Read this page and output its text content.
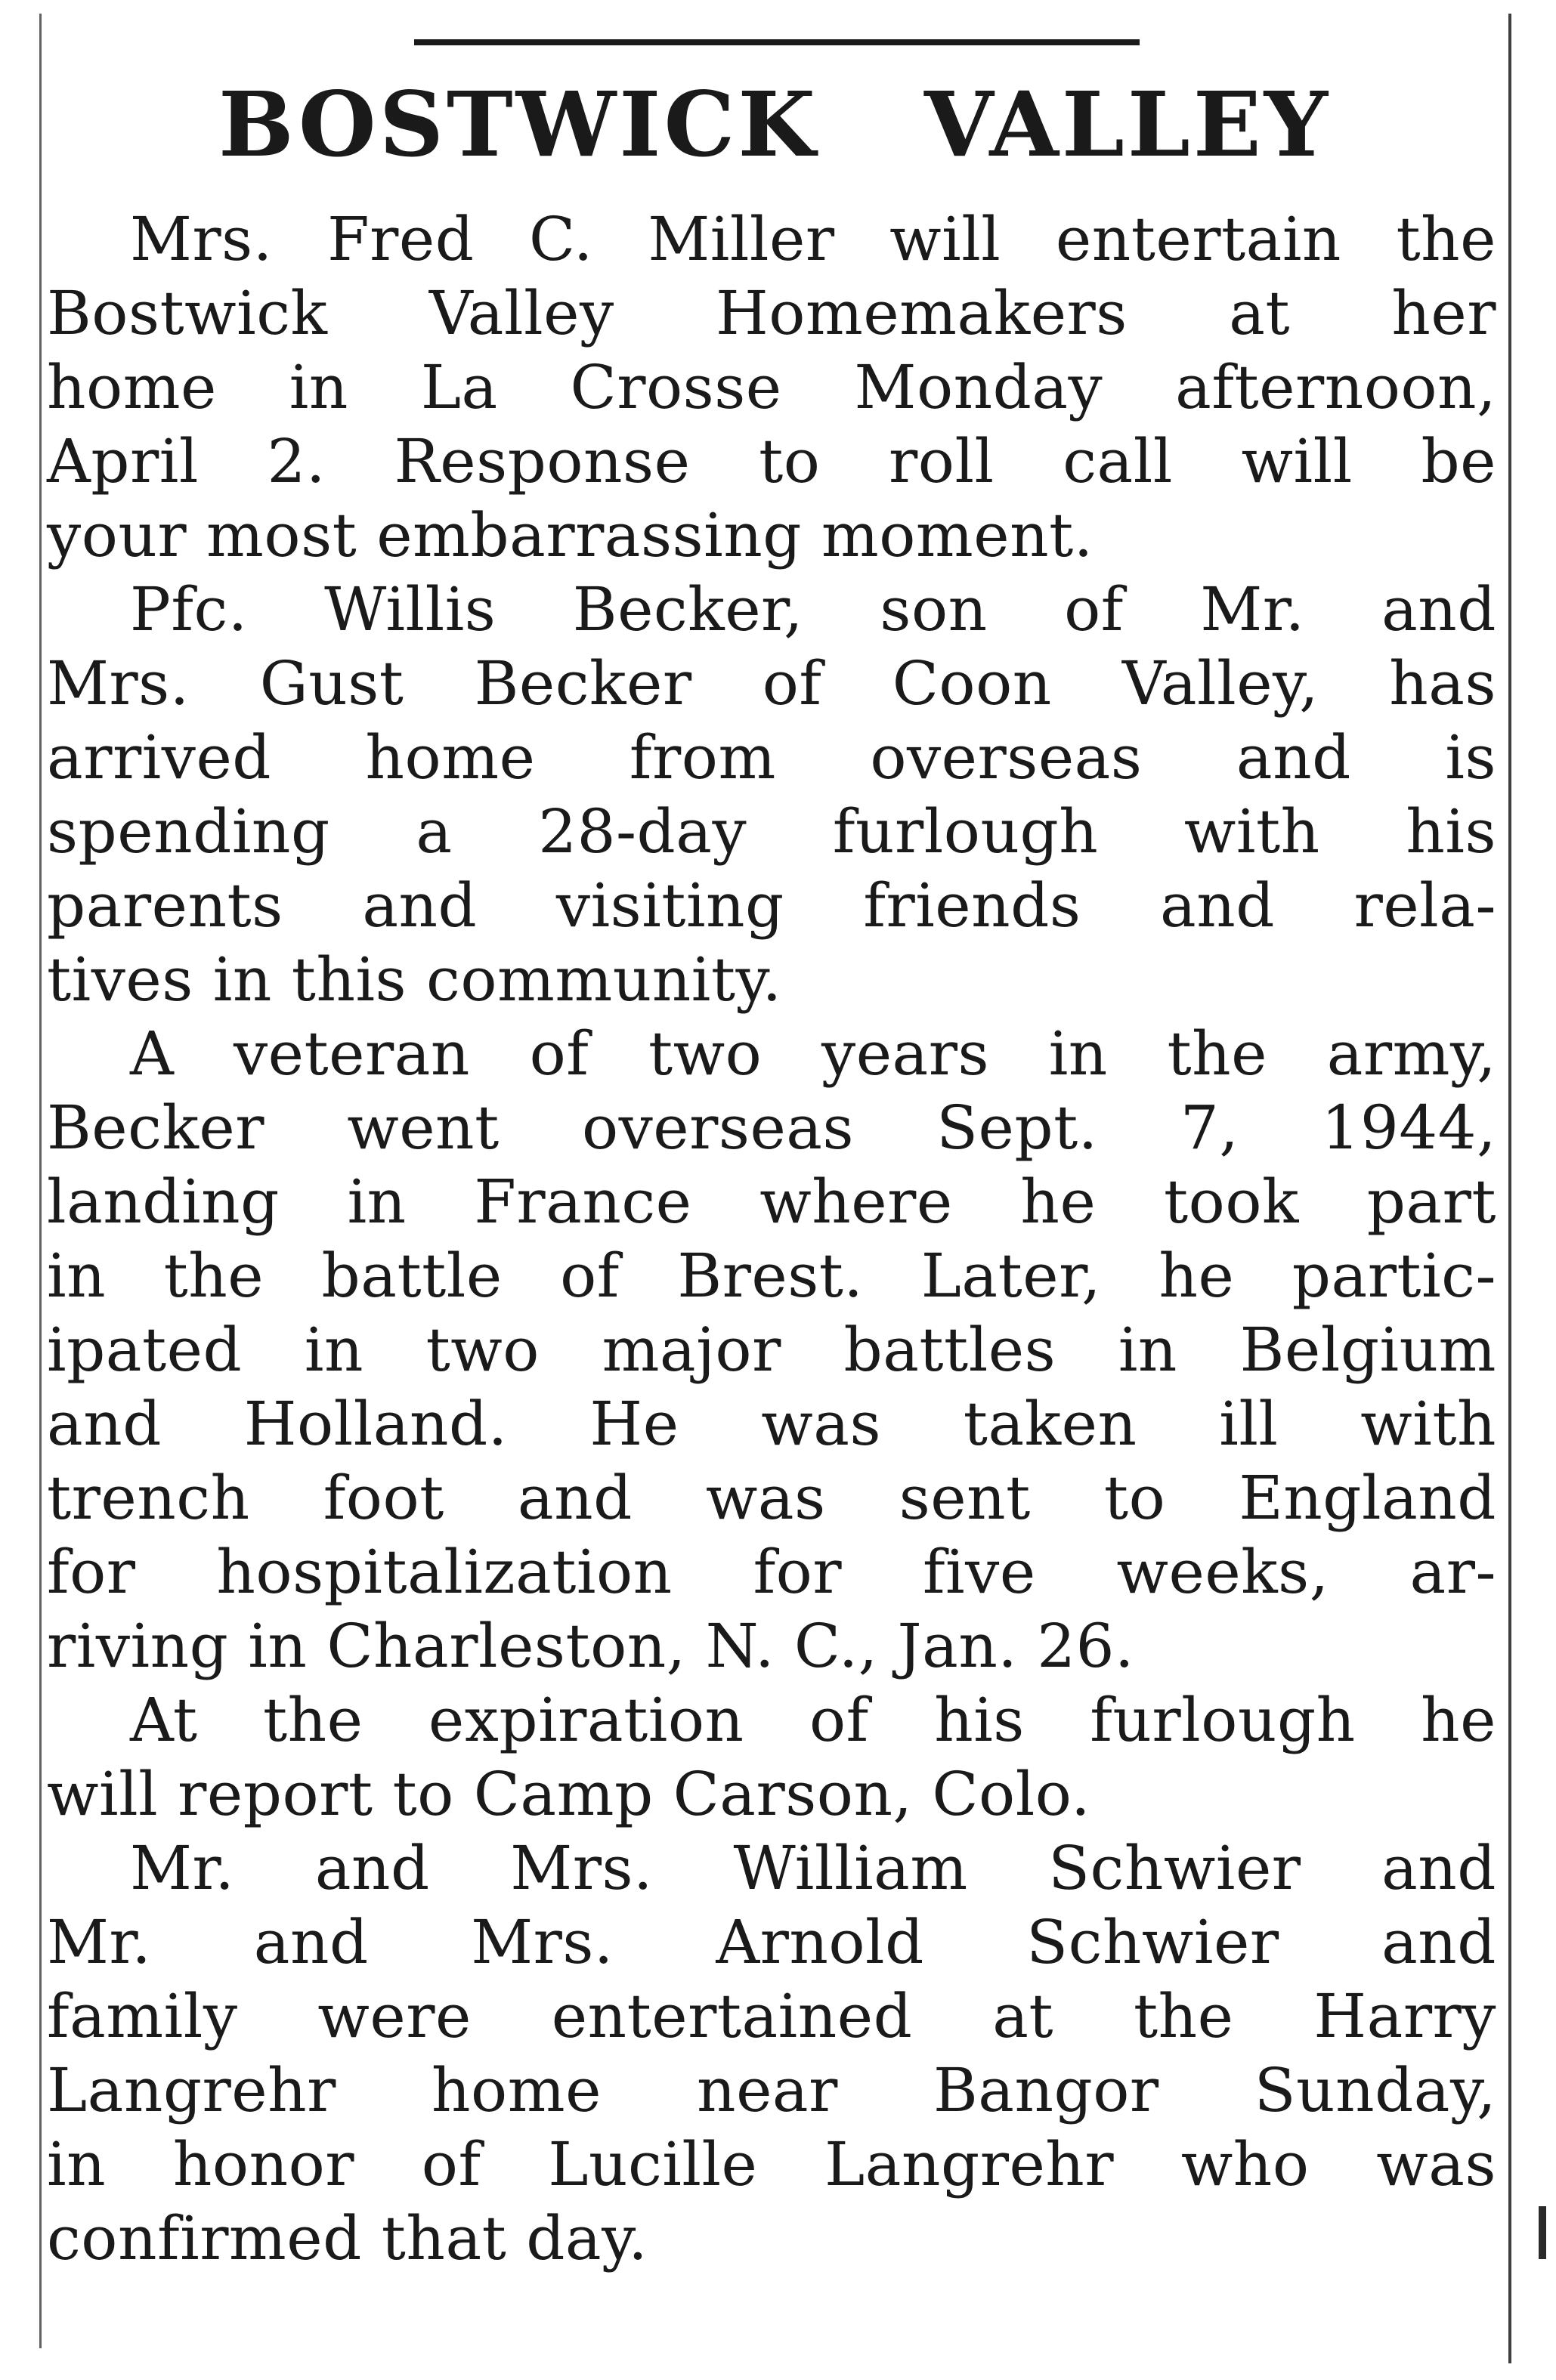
BOSTWICK VALLEY
Mrs. Fred C. Miller will entertain the
Bostwick Valley Homemakers at her
home in La Crosse Monday afternoon,
April 2. Response to roll call will be
your most embarrassing moment.
Pfc. Willis Becker, son of Mr. and
Mrs. Gust Becker of Coon Valley, has
arrived home from overseas and is
spending a 28-day furlough with his
parents and visiting friends and rela-
tives in this community.
A veteran of two years in the army,
Becker went overseas Sept. 7, 1944,
landing in France where he took part
in the battle of Brest. Later, he partic-
ipated in two major battles in Belgium
and Holland. He was taken ill with
trench foot and was sent to England
for hospitalization for five weeks, ar-
riving in Charleston, N. C., Jan. 26.
At the expiration of his furlough he
will report to Camp Carson, Colo.
Mr. and Mrs. William Schwier and
Mr. and Mrs. Arnold Schwier and
family were entertained at the Harry
Langrehr home near Bangor Sunday,
in honor of Lucille Langrehr who was
confirmed that day.
